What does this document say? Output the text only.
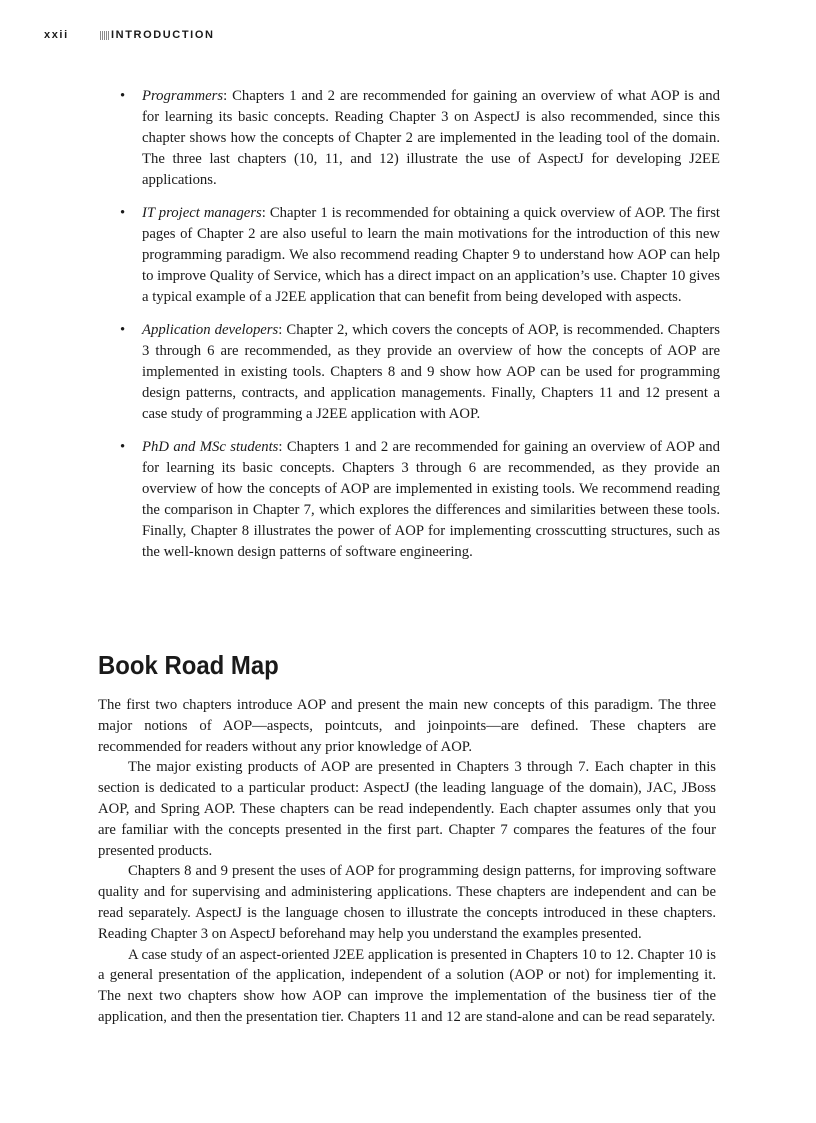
xxii	INTRODUCTION
• Programmers: Chapters 1 and 2 are recommended for gaining an overview of what AOP is and for learning its basic concepts. Reading Chapter 3 on AspectJ is also recommended, since this chapter shows how the concepts of Chapter 2 are implemented in the leading tool of the domain. The three last chapters (10, 11, and 12) illustrate the use of AspectJ for developing J2EE applications.
• IT project managers: Chapter 1 is recommended for obtaining a quick overview of AOP. The first pages of Chapter 2 are also useful to learn the main motivations for the introduction of this new programming paradigm. We also recommend reading Chapter 9 to understand how AOP can help to improve Quality of Service, which has a direct impact on an application’s use. Chapter 10 gives a typical example of a J2EE application that can benefit from being developed with aspects.
• Application developers: Chapter 2, which covers the concepts of AOP, is recommended. Chapters 3 through 6 are recommended, as they provide an overview of how the concepts of AOP are implemented in existing tools. Chapters 8 and 9 show how AOP can be used for programming design patterns, contracts, and application managements. Finally, Chapters 11 and 12 present a case study of programming a J2EE application with AOP.
• PhD and MSc students: Chapters 1 and 2 are recommended for gaining an overview of AOP and for learning its basic concepts. Chapters 3 through 6 are recommended, as they provide an overview of how the concepts of AOP are implemented in existing tools. We recommend reading the comparison in Chapter 7, which explores the differences and similarities between these tools. Finally, Chapter 8 illustrates the power of AOP for implementing crosscutting structures, such as the well-known design patterns of software engineering.
Book Road Map

The first two chapters introduce AOP and present the main new concepts of this paradigm. The three major notions of AOP—aspects, pointcuts, and joinpoints—are defined. These chapters are recommended for readers without any prior knowledge of AOP.

The major existing products of AOP are presented in Chapters 3 through 7. Each chapter in this section is dedicated to a particular product: AspectJ (the leading language of the domain), JAC, JBoss AOP, and Spring AOP. These chapters can be read independently. Each chapter assumes only that you are familiar with the concepts presented in the first part. Chapter 7 compares the features of the four presented products.

Chapters 8 and 9 present the uses of AOP for programming design patterns, for improving software quality and for supervising and administering applications. These chapters are independent and can be read separately. AspectJ is the language chosen to illustrate the concepts introduced in these chapters. Reading Chapter 3 on AspectJ beforehand may help you understand the examples presented.

A case study of an aspect-oriented J2EE application is presented in Chapters 10 to 12. Chapter 10 is a general presentation of the application, independent of a solution (AOP or not) for implementing it. The next two chapters show how AOP can improve the implementation of the business tier of the application, and then the presentation tier. Chapters 11 and 12 are stand-alone and can be read separately.
